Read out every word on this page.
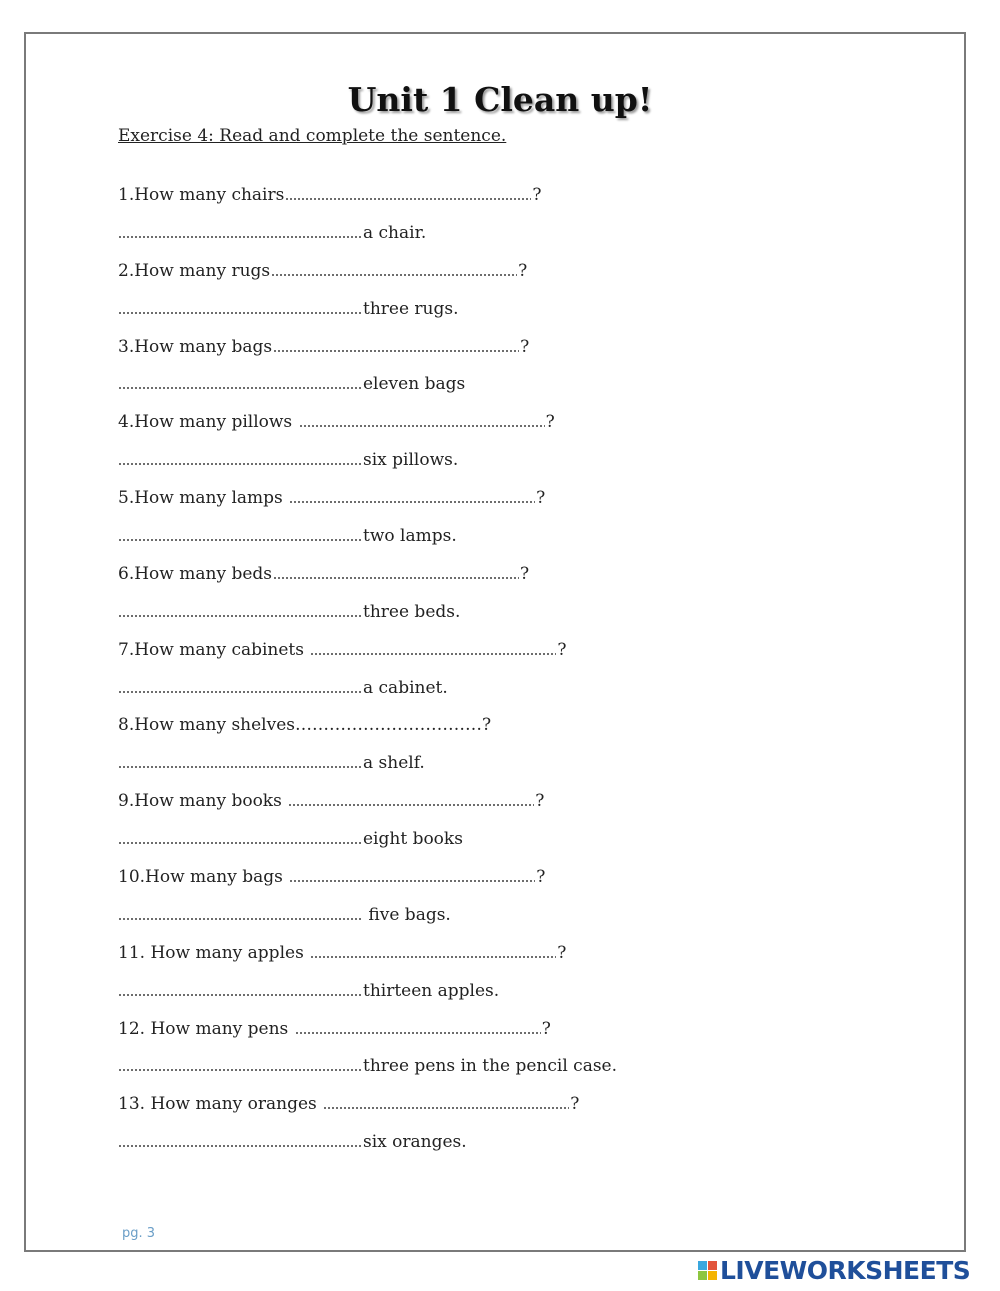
Unit 1 Clean up!
Exercise 4: Read and complete the sentence.
1.How many chairs	?
a chair.
2.How many rugs	?
three rugs.
3.How many bags	?
eleven bags
4.How many pillows	?
six pillows.
5.How many lamps	?
two lamps.
6.How many beds	?
three beds.
7.How many cabinets	?
a cabinet.
8.How many shelves……………………………?
a shelf.
9.How many books	?
eight books
10.How many bags	?
five bags.
11. How many apples	?
thirteen apples.
12. How many pens	?
three pens in the pencil case.
13. How many oranges	?
six oranges.
pg. 3
LIVEWORKSHEETS
